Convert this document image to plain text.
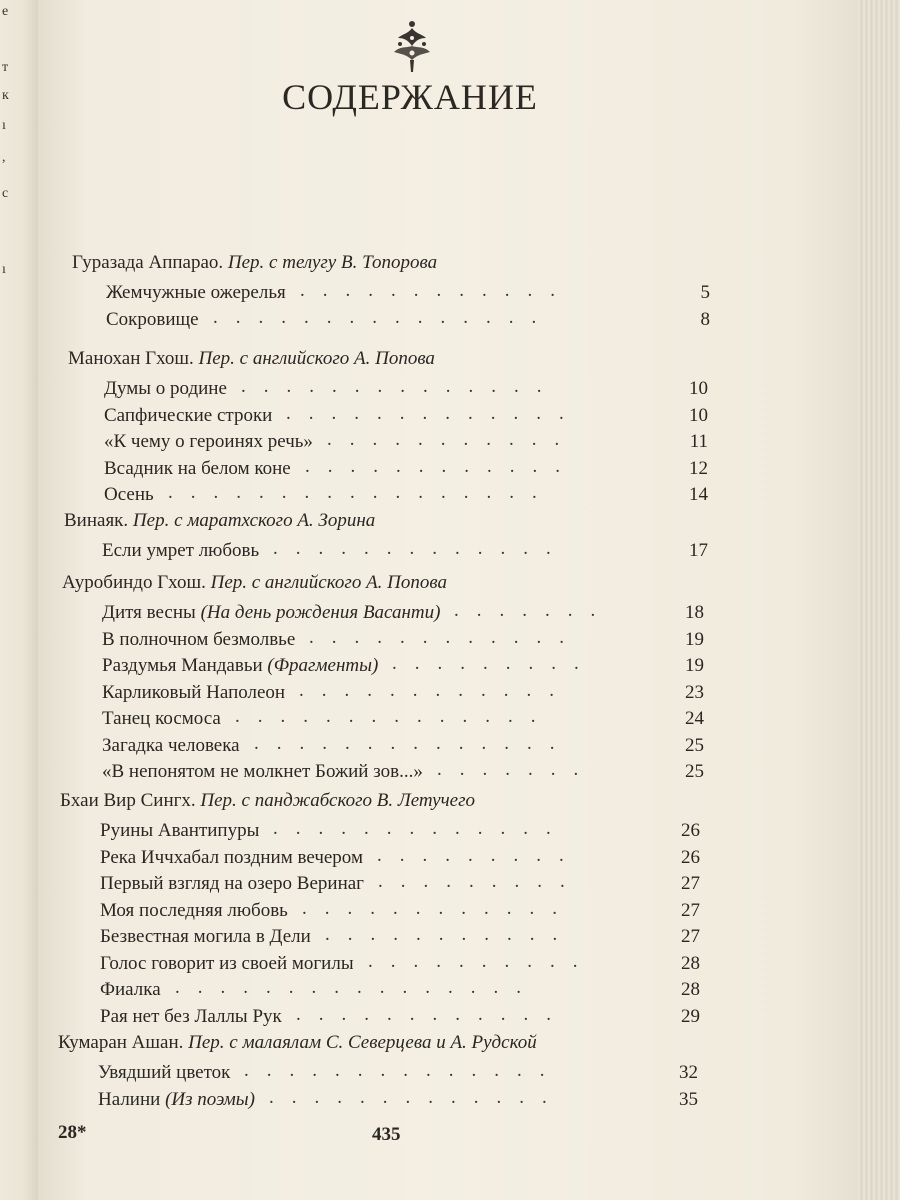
е
т
к
ı
,
с
ı
СОДЕРЖАНИЕ
Гуразада Аппарао. Пер. с телугу В. Топорова
Жемчужные ожерелья ............	5
Сокровище ...............	8
Манохан Гхош. Пер. с английского А. Попова
Думы о родине ..............	10
Сапфические строки .............	10
«К чему о героинях речь» ...........	11
Всадник на белом коне ............	12
Осень .................	14
Винаяк. Пер. с маратхского А. Зорина
Если умрет любовь .............	17
Ауробиндо Гхош. Пер. с английского А. Попова
Дитя весны (На день рождения Васанти) .......	18
В полночном безмолвье ............	19
Раздумья Мандавьи (Фрагменты) .........	19
Карликовый Наполеон ............	23
Танец космоса ..............	24
Загадка человека ..............	25
«В непонятом не молкнет Божий зов...» .......	25
Бхаи Вир Сингх. Пер. с панджабского В. Летучего
Руины Авантипуры .............	26
Река Иччхабал поздним вечером .........	26
Первый взгляд на озеро Веринаг .........	27
Моя последняя любовь ............	27
Безвестная могила в Дели ...........	27
Голос говорит из своей могилы ..........	28
Фиалка ................	28
Рая нет без Лаллы Рук ............	29
Кумаран Ашан. Пер. с малаялам С. Северцева и А. Рудской
Увядший цветок ..............	32
Налини (Из поэмы) .............	35
28*	435
